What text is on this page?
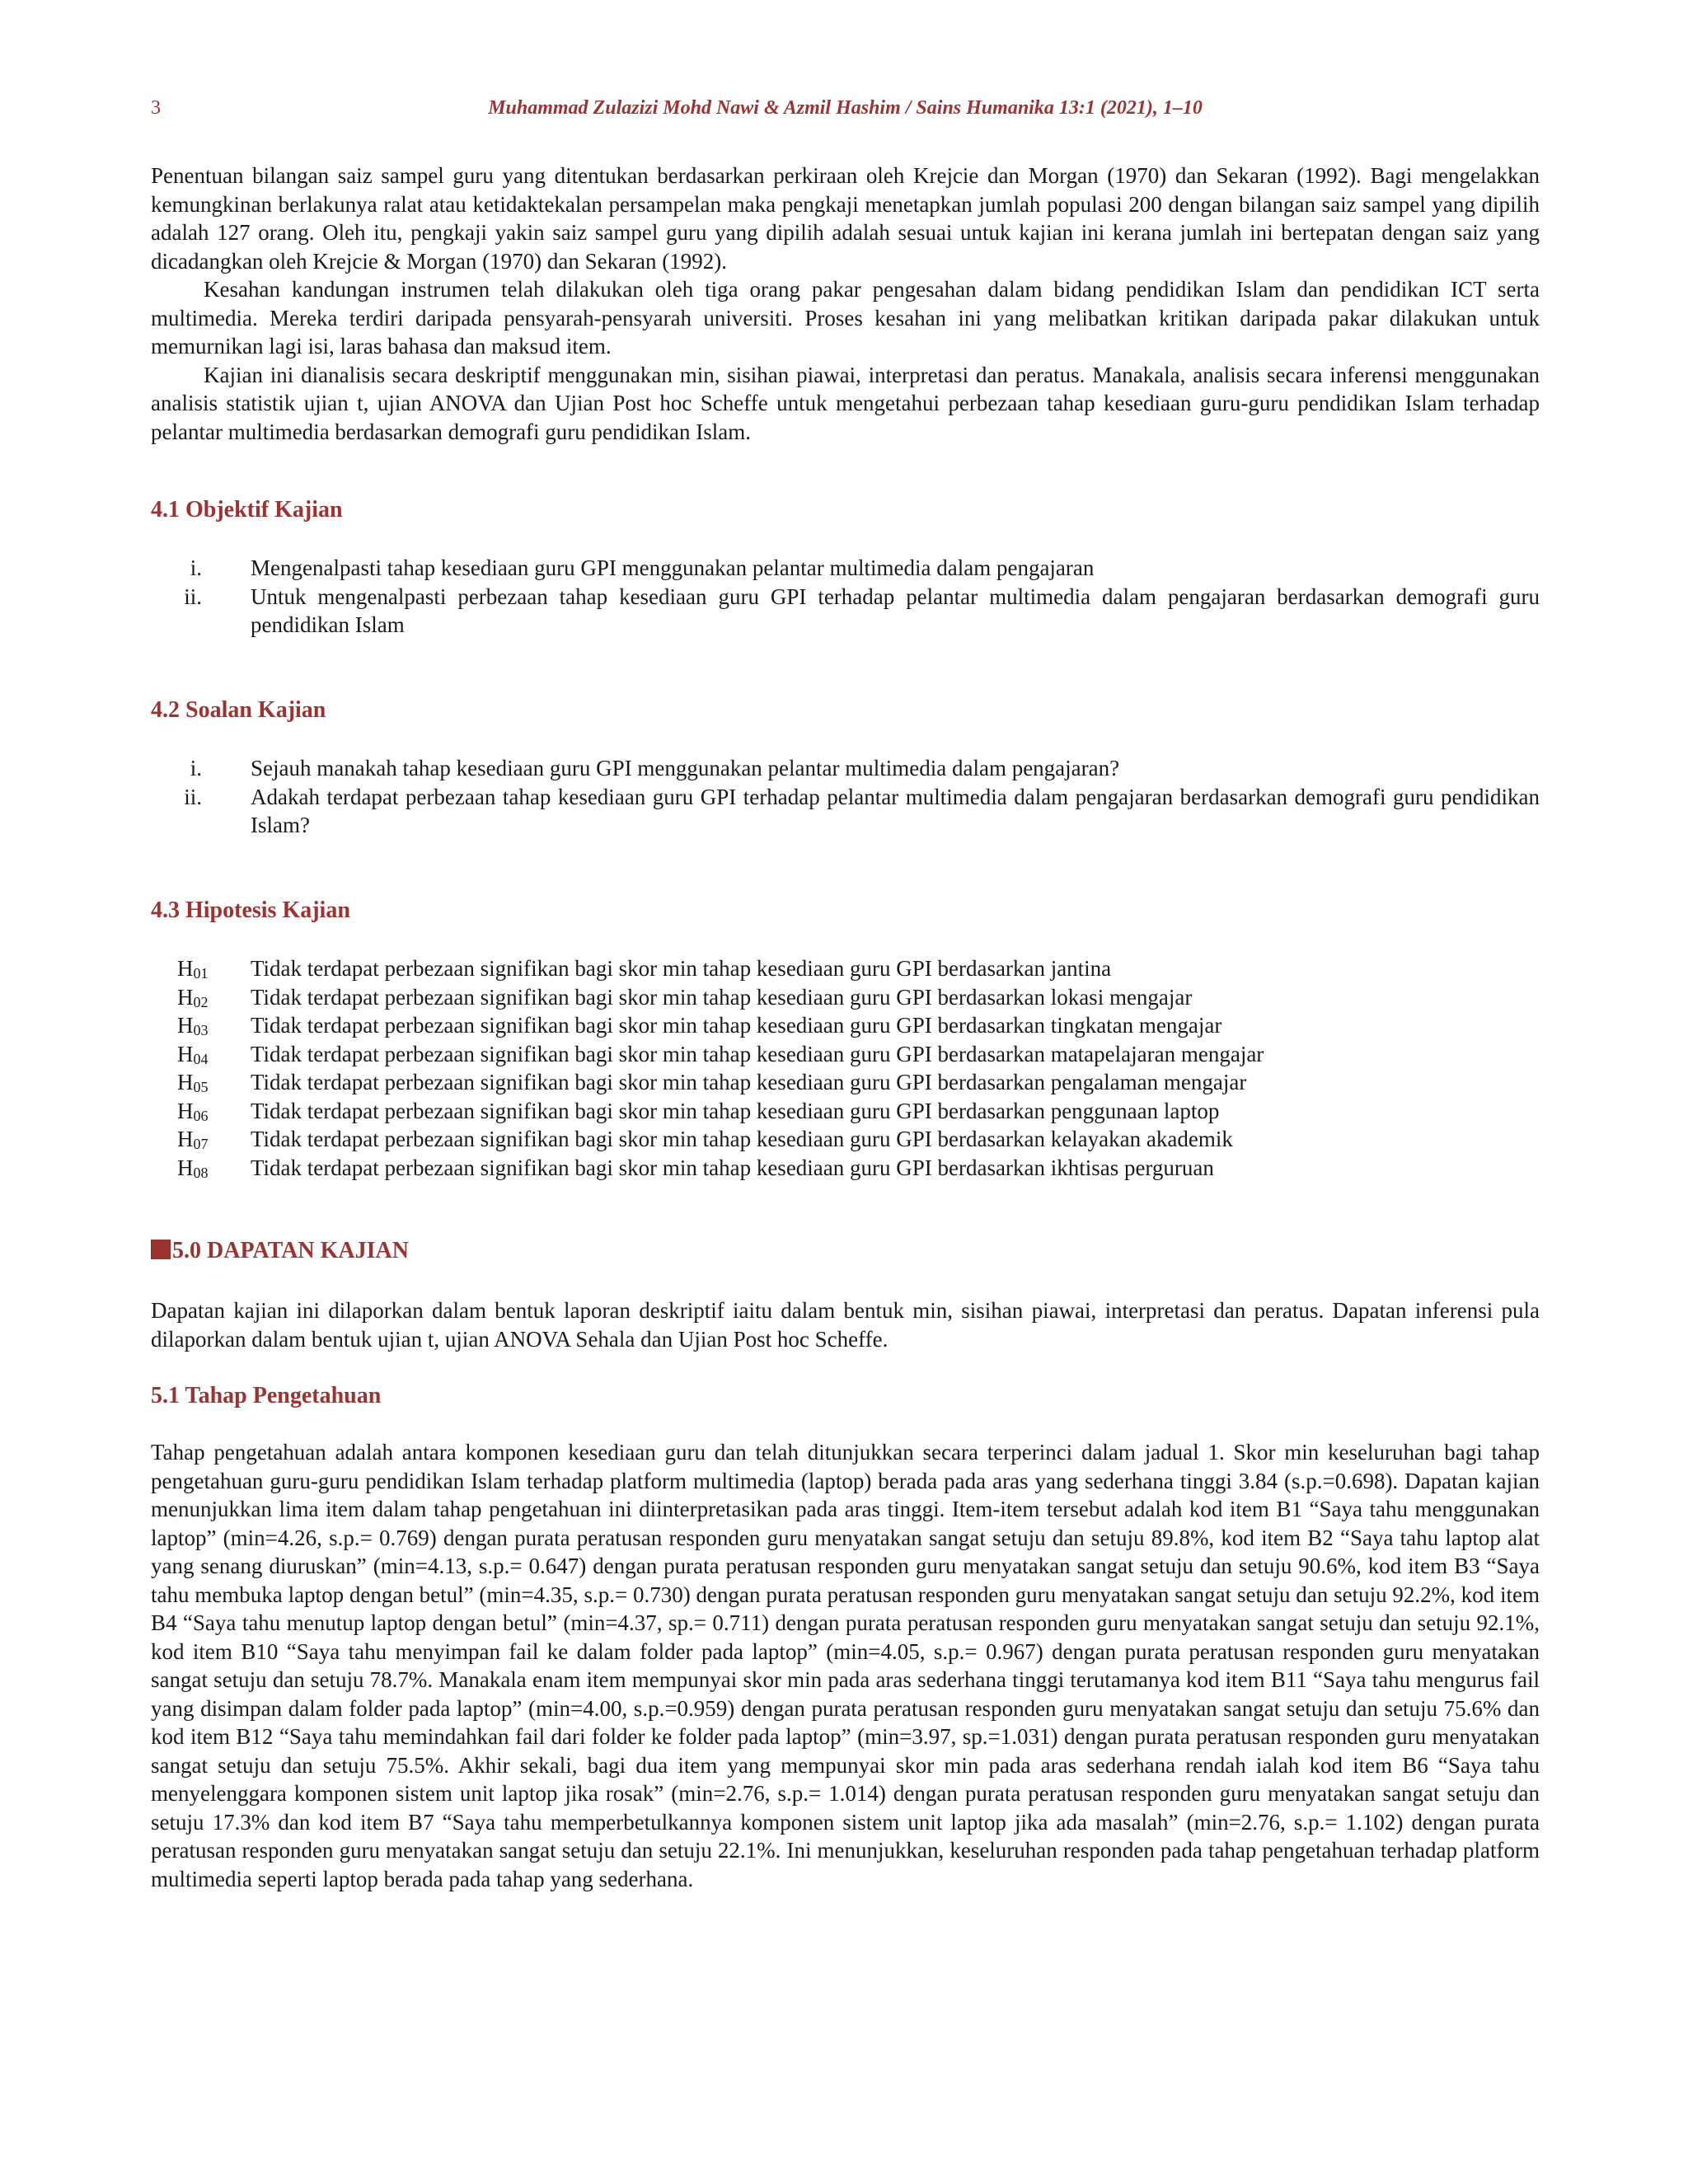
3	Muhammad Zulazizi Mohd Nawi & Azmil Hashim / Sains Humanika 13:1 (2021), 1–10

Penentuan bilangan saiz sampel guru yang ditentukan berdasarkan perkiraan oleh Krejcie dan Morgan (1970) dan Sekaran (1992). Bagi mengelakkan kemungkinan berlakunya ralat atau ketidaktekalan persampelan maka pengkaji menetapkan jumlah populasi 200 dengan bilangan saiz sampel yang dipilih adalah 127 orang. Oleh itu, pengkaji yakin saiz sampel guru yang dipilih adalah sesuai untuk kajian ini kerana jumlah ini bertepatan dengan saiz yang dicadangkan oleh Krejcie & Morgan (1970) dan Sekaran (1992).

Kesahan kandungan instrumen telah dilakukan oleh tiga orang pakar pengesahan dalam bidang pendidikan Islam dan pendidikan ICT serta multimedia. Mereka terdiri daripada pensyarah-pensyarah universiti. Proses kesahan ini yang melibatkan kritikan daripada pakar dilakukan untuk memurnikan lagi isi, laras bahasa dan maksud item.

Kajian ini dianalisis secara deskriptif menggunakan min, sisihan piawai, interpretasi dan peratus. Manakala, analisis secara inferensi menggunakan analisis statistik ujian t, ujian ANOVA dan Ujian Post hoc Scheffe untuk mengetahui perbezaan tahap kesediaan guru-guru pendidikan Islam terhadap pelantar multimedia berdasarkan demografi guru pendidikan Islam.

4.1 Objektif Kajian
i. Mengenalpasti tahap kesediaan guru GPI menggunakan pelantar multimedia dalam pengajaran
ii. Untuk mengenalpasti perbezaan tahap kesediaan guru GPI terhadap pelantar multimedia dalam pengajaran berdasarkan demografi guru pendidikan Islam
4.2 Soalan Kajian
i. Sejauh manakah tahap kesediaan guru GPI menggunakan pelantar multimedia dalam pengajaran?
ii. Adakah terdapat perbezaan tahap kesediaan guru GPI terhadap pelantar multimedia dalam pengajaran berdasarkan demografi guru pendidikan Islam?
4.3 Hipotesis Kajian
$H_{01}$ Tidak terdapat perbezaan signifikan bagi skor min tahap kesediaan guru GPI berdasarkan jantina
$H_{02}$ Tidak terdapat perbezaan signifikan bagi skor min tahap kesediaan guru GPI berdasarkan lokasi mengajar
$H_{03}$ Tidak terdapat perbezaan signifikan bagi skor min tahap kesediaan guru GPI berdasarkan tingkatan mengajar
$H_{04}$ Tidak terdapat perbezaan signifikan bagi skor min tahap kesediaan guru GPI berdasarkan matapelajaran mengajar
$H_{05}$ Tidak terdapat perbezaan signifikan bagi skor min tahap kesediaan guru GPI berdasarkan pengalaman mengajar
$H_{06}$ Tidak terdapat perbezaan signifikan bagi skor min tahap kesediaan guru GPI berdasarkan penggunaan laptop
$H_{07}$ Tidak terdapat perbezaan signifikan bagi skor min tahap kesediaan guru GPI berdasarkan kelayakan akademik
$H_{08}$ Tidak terdapat perbezaan signifikan bagi skor min tahap kesediaan guru GPI berdasarkan ikhtisas perguruan
5.0 DAPATAN KAJIAN

Dapatan kajian ini dilaporkan dalam bentuk laporan deskriptif iaitu dalam bentuk min, sisihan piawai, interpretasi dan peratus. Dapatan inferensi pula dilaporkan dalam bentuk ujian t, ujian ANOVA Sehala dan Ujian Post hoc Scheffe.

5.1 Tahap Pengetahuan

Tahap pengetahuan adalah antara komponen kesediaan guru dan telah ditunjukkan secara terperinci dalam jadual 1. Skor min keseluruhan bagi tahap pengetahuan guru-guru pendidikan Islam terhadap platform multimedia (laptop) berada pada aras yang sederhana tinggi 3.84 (s.p.=0.698). Dapatan kajian menunjukkan lima item dalam tahap pengetahuan ini diinterpretasikan pada aras tinggi. Item-item tersebut adalah kod item B1 “Saya tahu menggunakan laptop” (min=4.26, s.p.= 0.769) dengan purata peratusan responden guru menyatakan sangat setuju dan setuju 89.8%, kod item B2 “Saya tahu laptop alat yang senang diuruskan” (min=4.13, s.p.= 0.647) dengan purata peratusan responden guru menyatakan sangat setuju dan setuju 90.6%, kod item B3 “Saya tahu membuka laptop dengan betul” (min=4.35, s.p.= 0.730) dengan purata peratusan responden guru menyatakan sangat setuju dan setuju 92.2%, kod item B4 “Saya tahu menutup laptop dengan betul” (min=4.37, sp.= 0.711) dengan purata peratusan responden guru menyatakan sangat setuju dan setuju 92.1%, kod item B10 “Saya tahu menyimpan fail ke dalam folder pada laptop” (min=4.05, s.p.= 0.967) dengan purata peratusan responden guru menyatakan sangat setuju dan setuju 78.7%. Manakala enam item mempunyai skor min pada aras sederhana tinggi terutamanya kod item B11 “Saya tahu mengurus fail yang disimpan dalam folder pada laptop” (min=4.00, s.p.=0.959) dengan purata peratusan responden guru menyatakan sangat setuju dan setuju 75.6% dan kod item B12 “Saya tahu memindahkan fail dari folder ke folder pada laptop” (min=3.97, sp.=1.031) dengan purata peratusan responden guru menyatakan sangat setuju dan setuju 75.5%. Akhir sekali, bagi dua item yang mempunyai skor min pada aras sederhana rendah ialah kod item B6 “Saya tahu menyelenggara komponen sistem unit laptop jika rosak” (min=2.76, s.p.= 1.014) dengan purata peratusan responden guru menyatakan sangat setuju dan setuju 17.3% dan kod item B7 “Saya tahu memperbetulkannya komponen sistem unit laptop jika ada masalah” (min=2.76, s.p.= 1.102) dengan purata peratusan responden guru menyatakan sangat setuju dan setuju 22.1%. Ini menunjukkan, keseluruhan responden pada tahap pengetahuan terhadap platform multimedia seperti laptop berada pada tahap yang sederhana.
